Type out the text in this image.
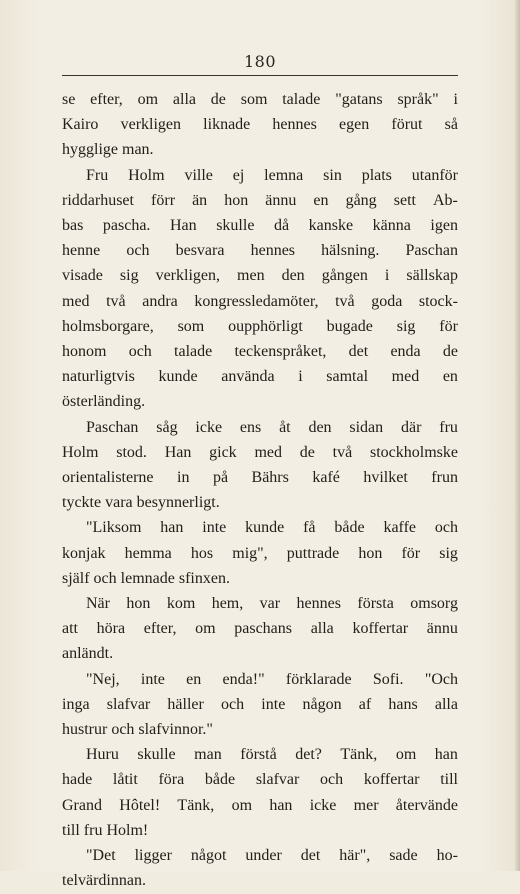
180
se efter, om alla de som talade "gatans språk" i
Kairo verkligen liknade hennes egen förut så
hygglige man.
Fru Holm ville ej lemna sin plats utanför
riddarhuset förr än hon ännu en gång sett Ab-
bas pascha. Han skulle då kanske känna igen
henne och besvara hennes hälsning. Paschan
visade sig verkligen, men den gången i sällskap
med två andra kongressledamöter, två goda stock-
holmsborgare, som oupphörligt bugade sig för
honom och talade teckenspråket, det enda de
naturligtvis kunde använda i samtal med en
österländing.
Paschan såg icke ens åt den sidan där fru
Holm stod. Han gick med de två stockholmske
orientalisterne in på Bährs kafé hvilket frun
tyckte vara besynnerligt.
"Liksom han inte kunde få både kaffe och
konjak hemma hos mig", puttrade hon för sig
själf och lemnade sfinxen.
När hon kom hem, var hennes första omsorg
att höra efter, om paschans alla koffertar ännu
anländt.
"Nej, inte en enda!" förklarade Sofi. "Och
inga slafvar häller och inte någon af hans alla
hustrur och slafvinnor."
Huru skulle man förstå det? Tänk, om han
hade låtit föra både slafvar och koffertar till
Grand Hôtel! Tänk, om han icke mer återvände
till fru Holm!
"Det ligger något under det här", sade ho-
telvärdinnan.
